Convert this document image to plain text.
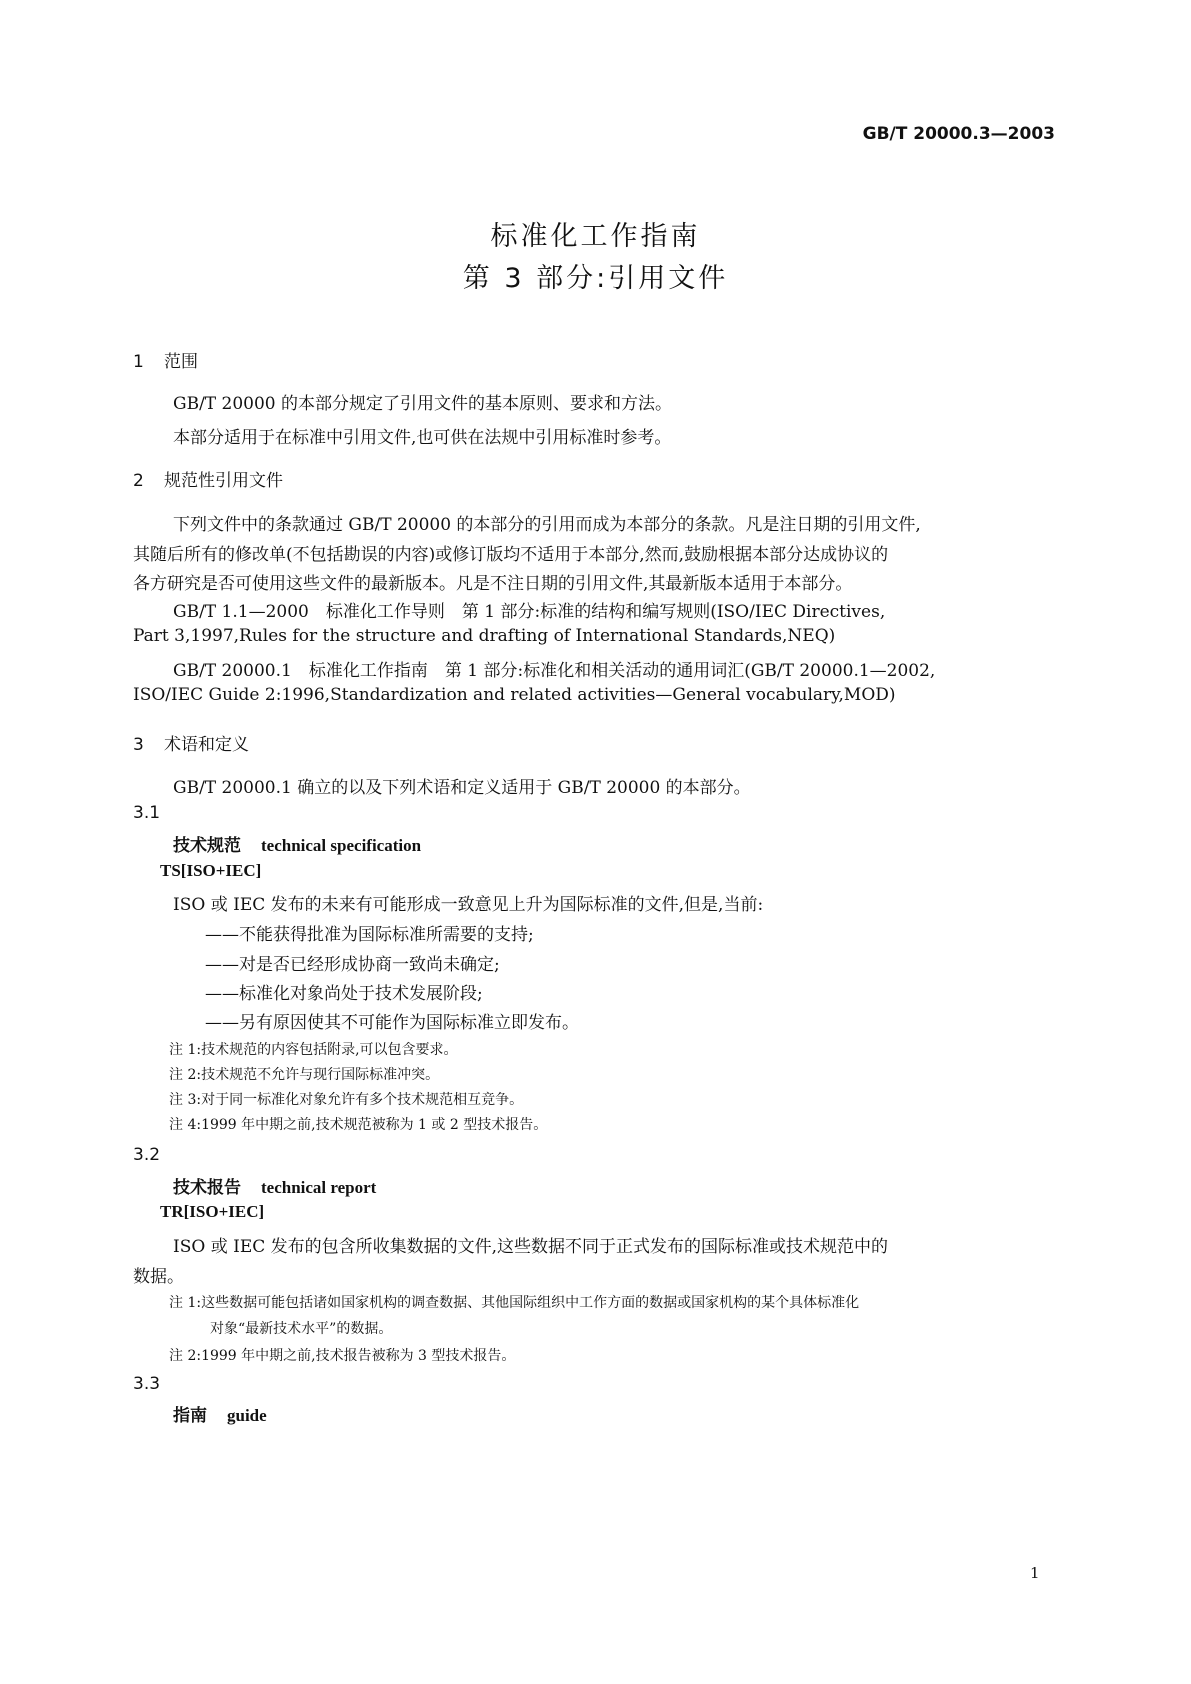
GB/T 20000.3—2003
标准化工作指南
第 3 部分:引用文件
1 范围
GB/T 20000 的本部分规定了引用文件的基本原则、要求和方法。
本部分适用于在标准中引用文件,也可供在法规中引用标准时参考。
2 规范性引用文件
下列文件中的条款通过 GB/T 20000 的本部分的引用而成为本部分的条款。凡是注日期的引用文件,
其随后所有的修改单(不包括勘误的内容)或修订版均不适用于本部分,然而,鼓励根据本部分达成协议的
各方研究是否可使用这些文件的最新版本。凡是不注日期的引用文件,其最新版本适用于本部分。
GB/T 1.1—2000　标准化工作导则　第 1 部分:标准的结构和编写规则(ISO/IEC Directives,
Part 3,1997,Rules for the structure and drafting of International Standards,NEQ)
GB/T 20000.1　标准化工作指南　第 1 部分:标准化和相关活动的通用词汇(GB/T 20000.1—2002,
ISO/IEC Guide 2:1996,Standardization and related activities—General vocabulary,MOD)
3 术语和定义
GB/T 20000.1 确立的以及下列术语和定义适用于 GB/T 20000 的本部分。
3.1
技术规范 technical specification
TS[ISO+IEC]
ISO 或 IEC 发布的未来有可能形成一致意见上升为国际标准的文件,但是,当前:
——不能获得批准为国际标准所需要的支持;
——对是否已经形成协商一致尚未确定;
——标准化对象尚处于技术发展阶段;
——另有原因使其不可能作为国际标准立即发布。
注 1:技术规范的内容包括附录,可以包含要求。
注 2:技术规范不允许与现行国际标准冲突。
注 3:对于同一标准化对象允许有多个技术规范相互竞争。
注 4:1999 年中期之前,技术规范被称为 1 或 2 型技术报告。
3.2
技术报告 technical report
TR[ISO+IEC]
ISO 或 IEC 发布的包含所收集数据的文件,这些数据不同于正式发布的国际标准或技术规范中的
数据。
注 1:这些数据可能包括诸如国家机构的调查数据、其他国际组织中工作方面的数据或国家机构的某个具体标准化
对象“最新技术水平”的数据。
注 2:1999 年中期之前,技术报告被称为 3 型技术报告。
3.3
指南 guide
1
